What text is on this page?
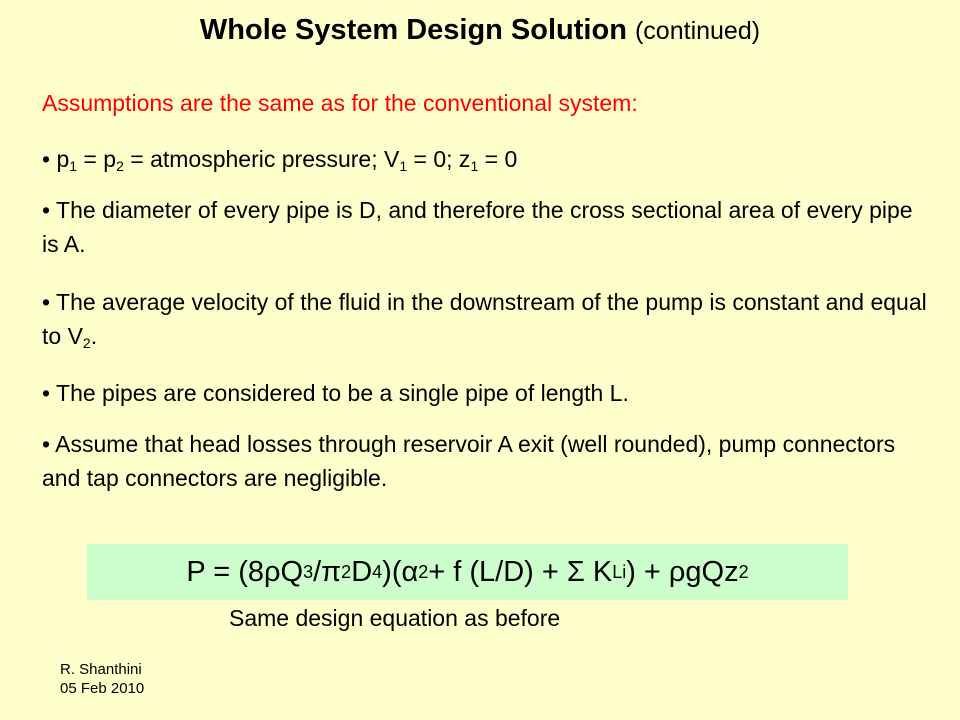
Whole System Design Solution (continued)
Assumptions are the same as for the conventional system:
• $p_1 = p_2$ = atmospheric pressure; $V_1 = 0$; $z_1 = 0$
• The diameter of every pipe is D, and therefore the cross sectional area of every pipe is A.
• The average velocity of the fluid in the downstream of the pump is constant and equal to $V_2$.
• The pipes are considered to be a single pipe of length L.
• Assume that head losses through reservoir A exit (well rounded), pump connectors and tap connectors are negligible.
P = (8ρQ 3 /π 2 D 4 )(α 2 + f (L/D) + Σ K Li ) + ρgQz 2
Same design equation as before
R. Shanthini
05 Feb 2010
